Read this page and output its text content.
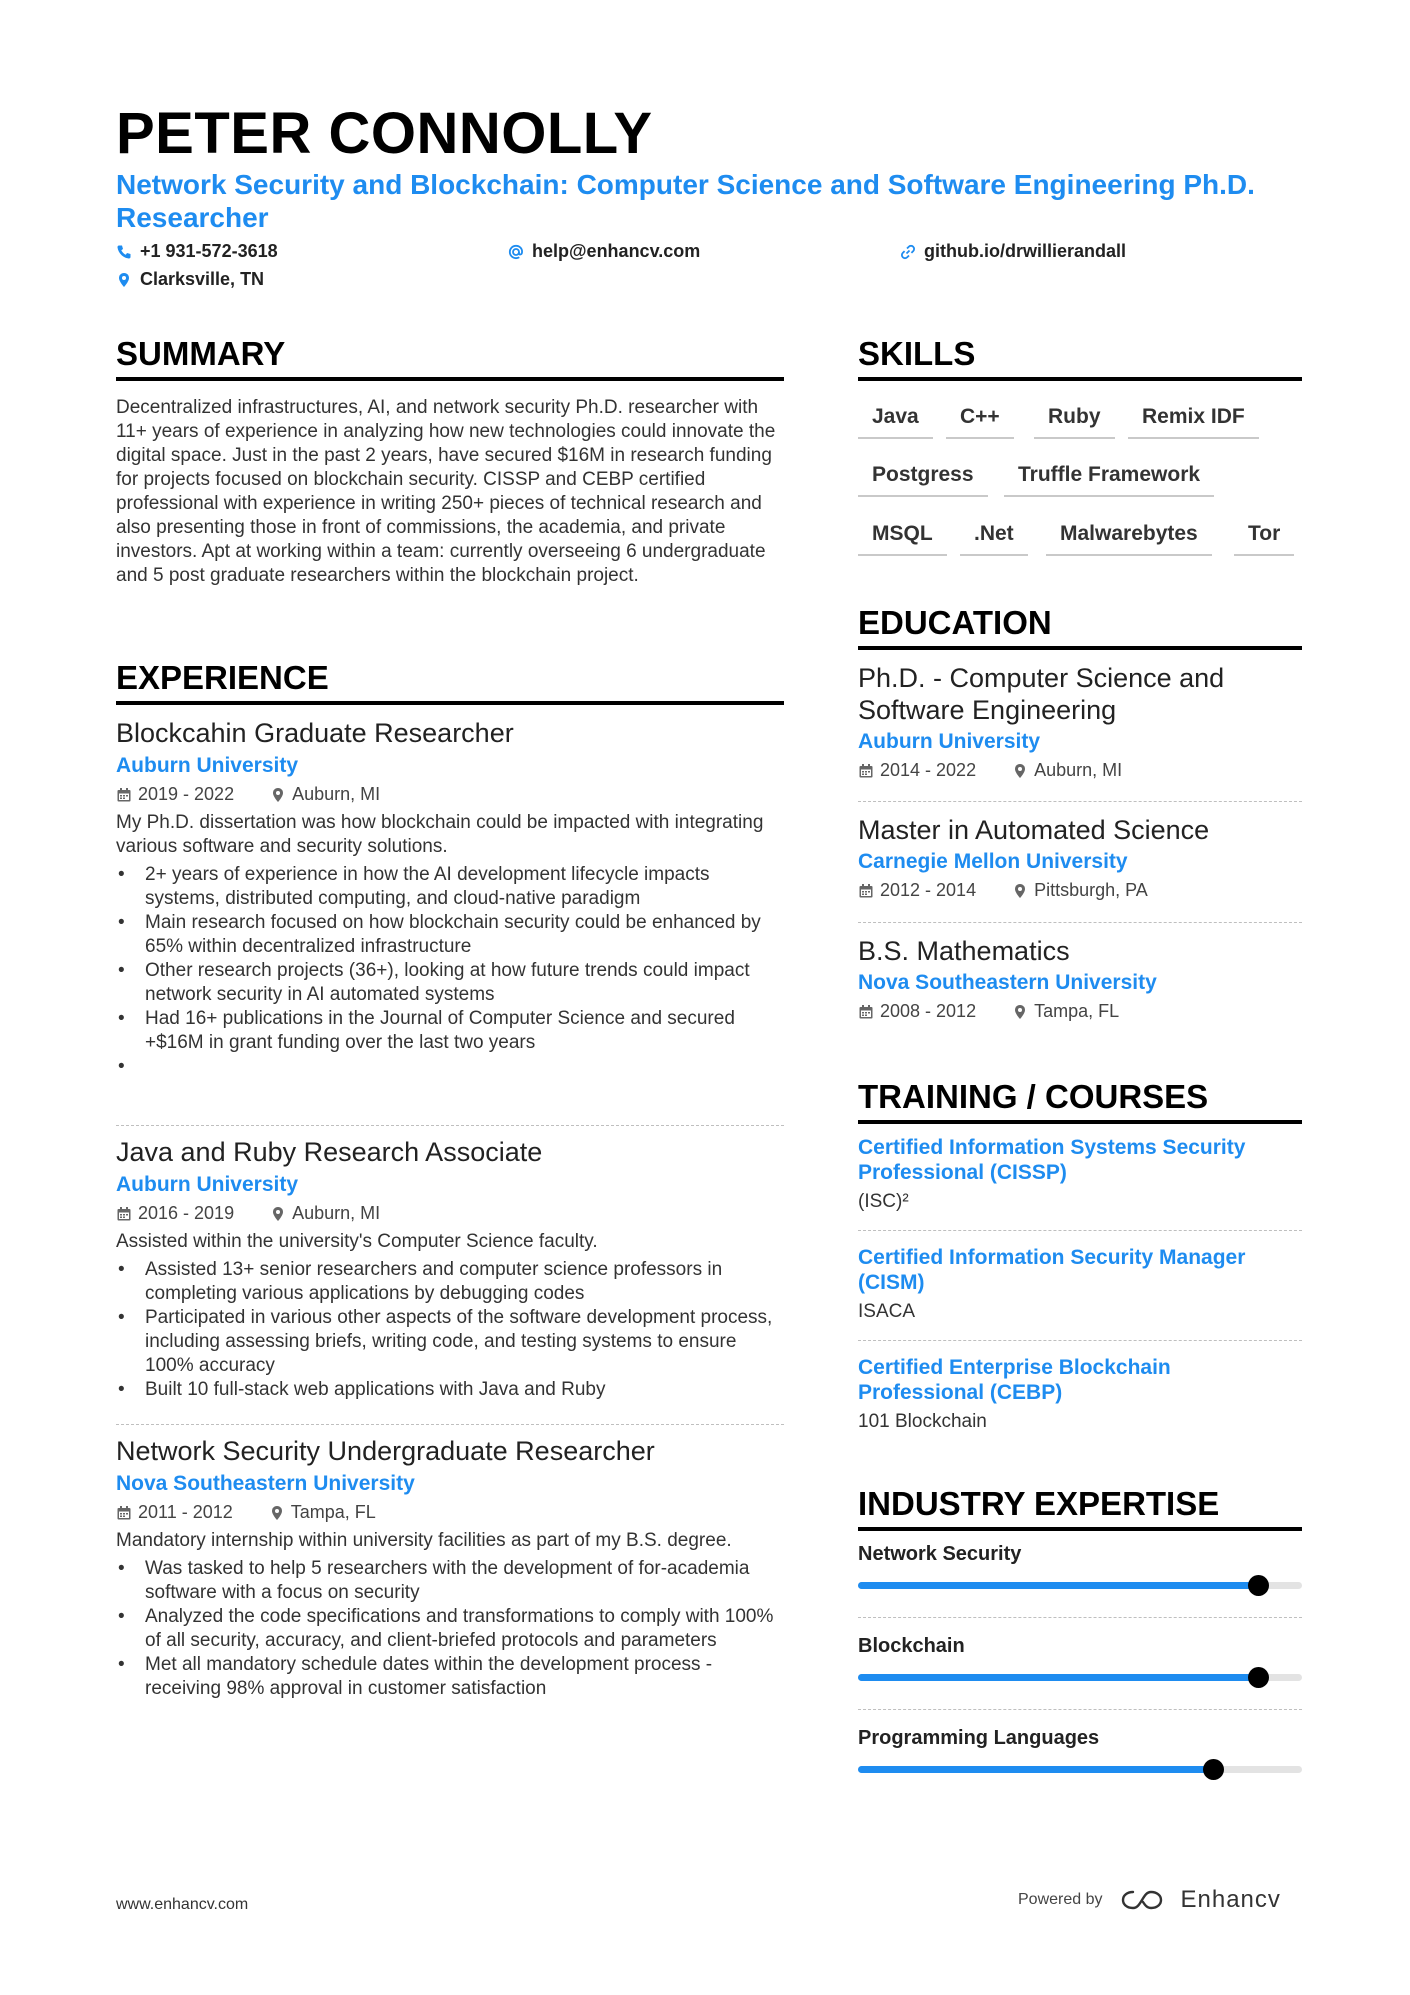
PETER CONNOLLY
Network Security and Blockchain: Computer Science and Software Engineering Ph.D. Researcher
+1 931-572-3618	help@enhancv.com	github.io/drwillierandall
Clarksville, TN
SUMMARY
Decentralized infrastructures, AI, and network security Ph.D. researcher with 11+ years of experience in analyzing how new technologies could innovate the digital space. Just in the past 2 years, have secured $16M in research funding for projects focused on blockchain security. CISSP and CEBP certified professional with experience in writing 250+ pieces of technical research and also presenting those in front of commissions, the academia, and private investors. Apt at working within a team: currently overseeing 6 undergraduate and 5 post graduate researchers within the blockchain project.
EXPERIENCE
Blockcahin Graduate Researcher
Auburn University
2019 - 2022	Auburn, MI
My Ph.D. dissertation was how blockchain could be impacted with integrating various software and security solutions.
• 2+ years of experience in how the AI development lifecycle impacts systems, distributed computing, and cloud-native paradigm
• Main research focused on how blockchain security could be enhanced by 65% within decentralized infrastructure
• Other research projects (36+), looking at how future trends could impact network security in AI automated systems
• Had 16+ publications in the Journal of Computer Science and secured +$16M in grant funding over the last two years
•
Java and Ruby Research Associate
Auburn University
2016 - 2019	Auburn, MI
Assisted within the university's Computer Science faculty.
• Assisted 13+ senior researchers and computer science professors in completing various applications by debugging codes
• Participated in various other aspects of the software development process, including assessing briefs, writing code, and testing systems to ensure 100% accuracy
• Built 10 full-stack web applications with Java and Ruby
Network Security Undergraduate Researcher
Nova Southeastern University
2011 - 2012	Tampa, FL
Mandatory internship within university facilities as part of my B.S. degree.
• Was tasked to help 5 researchers with the development of for-academia software with a focus on security
• Analyzed the code specifications and transformations to comply with 100% of all security, accuracy, and client-briefed protocols and parameters
• Met all mandatory schedule dates within the development process - receiving 98% approval in customer satisfaction
SKILLS
Java	C++	Ruby	Remix IDF
Postgress	Truffle Framework
MSQL	.Net	Malwarebytes	Tor
EDUCATION
Ph.D. - Computer Science and Software Engineering
Auburn University
2014 - 2022	Auburn, MI
Master in Automated Science
Carnegie Mellon University
2012 - 2014	Pittsburgh, PA
B.S. Mathematics
Nova Southeastern University
2008 - 2012	Tampa, FL
TRAINING / COURSES
Certified Information Systems Security Professional (CISSP)
(ISC)²
Certified Information Security Manager (CISM)
ISACA
Certified Enterprise Blockchain Professional (CEBP)
101 Blockchain
INDUSTRY EXPERTISE
Network Security
Blockchain
Programming Languages
www.enhancv.com	Powered by	Enhancv
